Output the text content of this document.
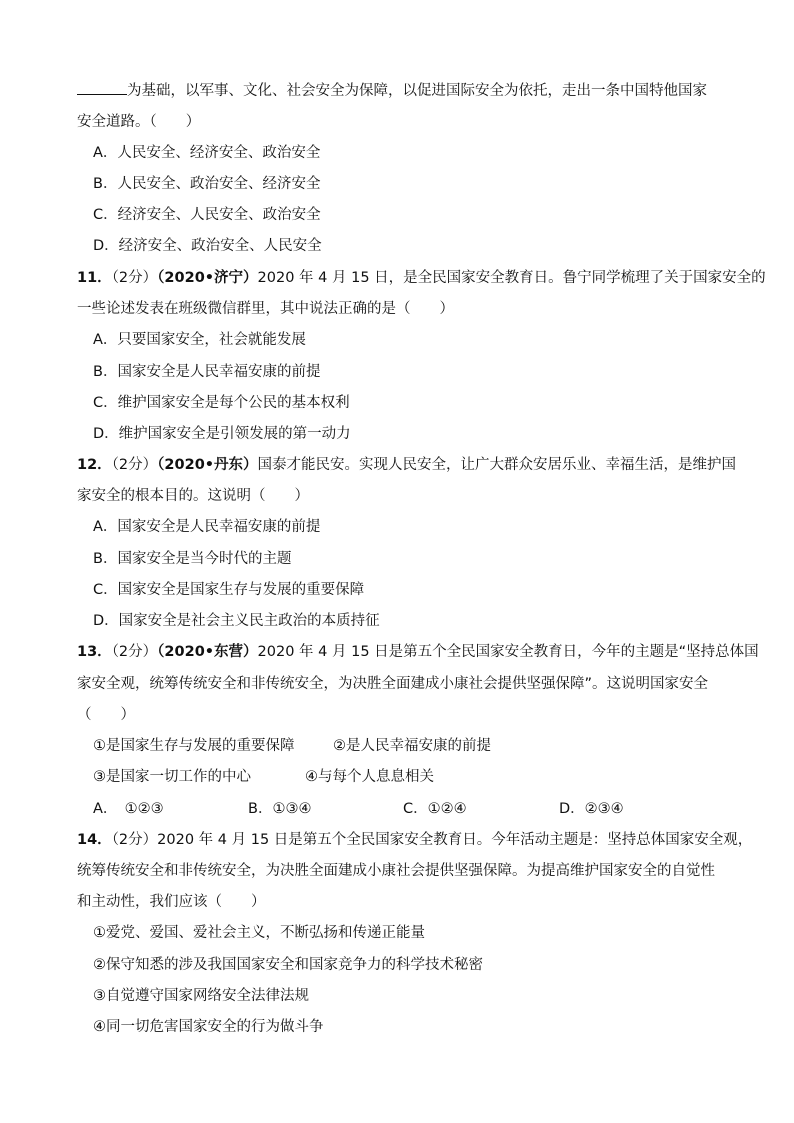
为基础，以军事、文化、社会安全为保障，以促进国际安全为依托，走出一条中国特他国家
安全道路。（　　）
A．人民安全、经济安全、政治安全
B．人民安全、政治安全、经济安全
C．经济安全、人民安全、政治安全
D．经济安全、政治安全、人民安全
11．（2分）（2020•济宁）2020 年 4 月 15 日，是全民国家安全教育日。鲁宁同学梳理了关于国家安全的
一些论述发表在班级微信群里，其中说法正确的是（　　）
A．只要国家安全，社会就能发展
B．国家安全是人民幸福安康的前提
C．维护国家安全是每个公民的基本权利
D．维护国家安全是引领发展的第一动力
12．（2分）（2020•丹东）国泰才能民安。实现人民安全，让广大群众安居乐业、幸福生活，是维护国
家安全的根本目的。这说明（　　）
A．国家安全是人民幸福安康的前提
B．国家安全是当今时代的主题
C．国家安全是国家生存与发展的重要保障
D．国家安全是社会主义民主政治的本质持征
13．（2分）（2020•东营）2020 年 4 月 15 日是第五个全民国家安全教育日，今年的主题是“坚持总体国
家安全观，统筹传统安全和非传统安全，为决胜全面建成小康社会提供坚强保障”。这说明国家安全
（　　）
①是国家生存与发展的重要保障	②是人民幸福安康的前提
③是国家一切工作的中心	④与每个人息息相关
A．　①②③	B．①③④	C．①②④	D．②③④
14．（2分）2020 年 4 月 15 日是第五个全民国家安全教育日。今年活动主题是：坚持总体国家安全观，
统筹传统安全和非传统安全，为决胜全面建成小康社会提供坚强保障。为提高维护国家安全的自觉性
和主动性，我们应该（　　）
①爱党、爱国、爱社会主义，不断弘扬和传递正能量
②保守知悉的涉及我国国家安全和国家竞争力的科学技术秘密
③自觉遵守国家网络安全法律法规
④同一切危害国家安全的行为做斗争
